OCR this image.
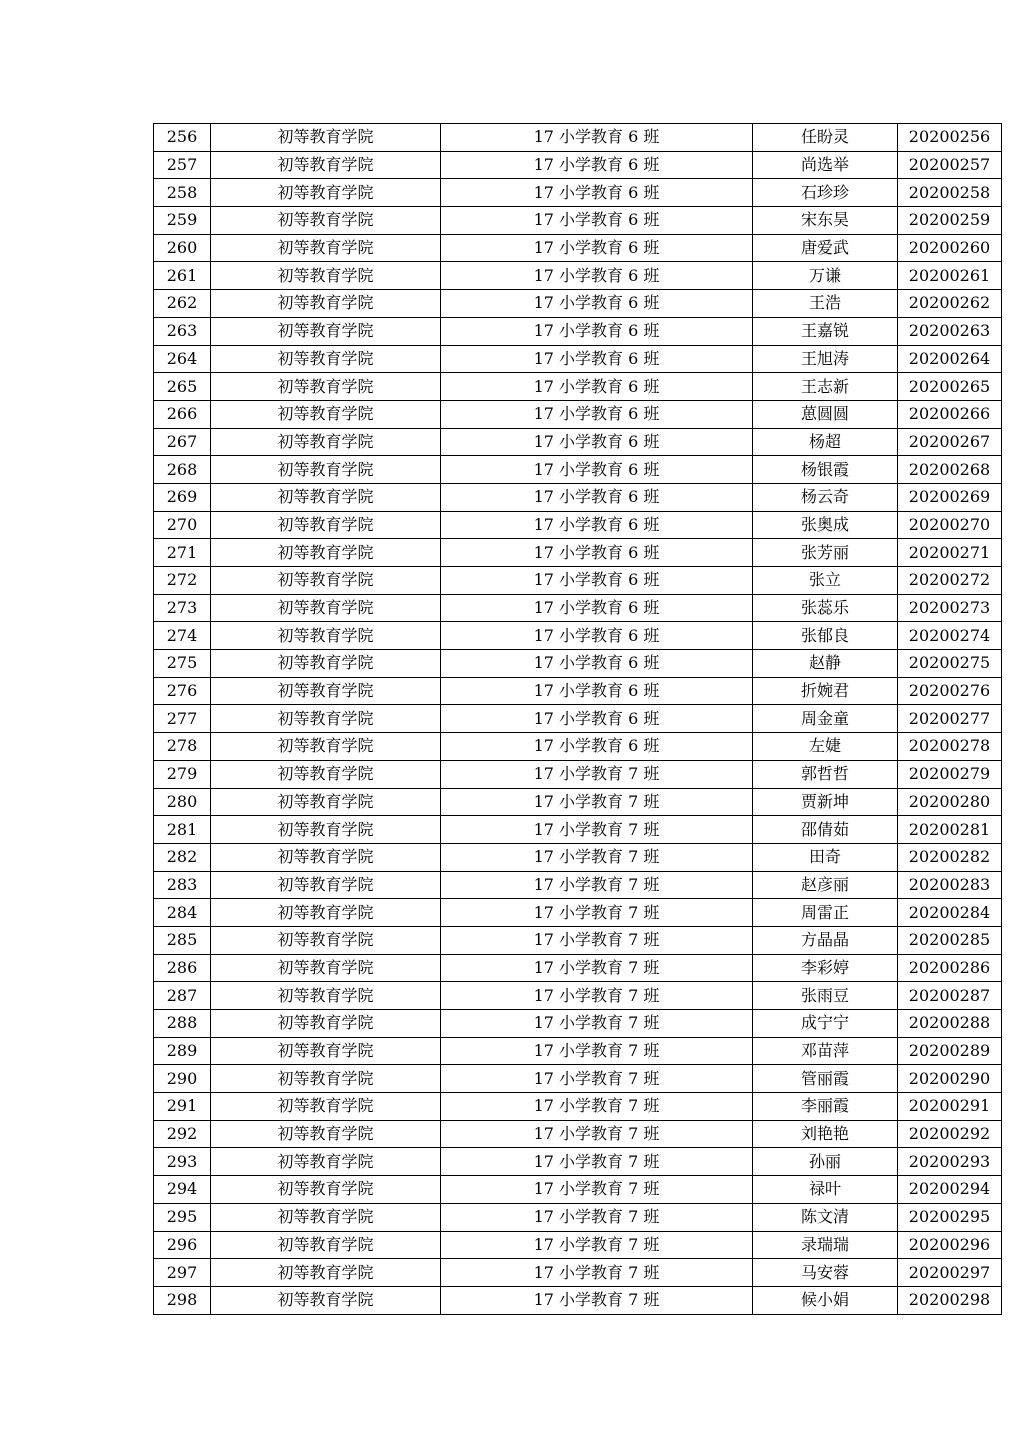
256	初等教育学院	17 小学教育 6 班	任盼灵	20200256
257	初等教育学院	17 小学教育 6 班	尚选举	20200257
258	初等教育学院	17 小学教育 6 班	石珍珍	20200258
259	初等教育学院	17 小学教育 6 班	宋东昊	20200259
260	初等教育学院	17 小学教育 6 班	唐爱武	20200260
261	初等教育学院	17 小学教育 6 班	万谦	20200261
262	初等教育学院	17 小学教育 6 班	王浩	20200262
263	初等教育学院	17 小学教育 6 班	王嘉锐	20200263
264	初等教育学院	17 小学教育 6 班	王旭涛	20200264
265	初等教育学院	17 小学教育 6 班	王志新	20200265
266	初等教育学院	17 小学教育 6 班	葸圆圆	20200266
267	初等教育学院	17 小学教育 6 班	杨超	20200267
268	初等教育学院	17 小学教育 6 班	杨银霞	20200268
269	初等教育学院	17 小学教育 6 班	杨云奇	20200269
270	初等教育学院	17 小学教育 6 班	张奥成	20200270
271	初等教育学院	17 小学教育 6 班	张芳丽	20200271
272	初等教育学院	17 小学教育 6 班	张立	20200272
273	初等教育学院	17 小学教育 6 班	张蕊乐	20200273
274	初等教育学院	17 小学教育 6 班	张郁良	20200274
275	初等教育学院	17 小学教育 6 班	赵静	20200275
276	初等教育学院	17 小学教育 6 班	折婉君	20200276
277	初等教育学院	17 小学教育 6 班	周金童	20200277
278	初等教育学院	17 小学教育 6 班	左婕	20200278
279	初等教育学院	17 小学教育 7 班	郭哲哲	20200279
280	初等教育学院	17 小学教育 7 班	贾新坤	20200280
281	初等教育学院	17 小学教育 7 班	邵倩茹	20200281
282	初等教育学院	17 小学教育 7 班	田奇	20200282
283	初等教育学院	17 小学教育 7 班	赵彦丽	20200283
284	初等教育学院	17 小学教育 7 班	周雷正	20200284
285	初等教育学院	17 小学教育 7 班	方晶晶	20200285
286	初等教育学院	17 小学教育 7 班	李彩婷	20200286
287	初等教育学院	17 小学教育 7 班	张雨豆	20200287
288	初等教育学院	17 小学教育 7 班	成宁宁	20200288
289	初等教育学院	17 小学教育 7 班	邓苗萍	20200289
290	初等教育学院	17 小学教育 7 班	管丽霞	20200290
291	初等教育学院	17 小学教育 7 班	李丽霞	20200291
292	初等教育学院	17 小学教育 7 班	刘艳艳	20200292
293	初等教育学院	17 小学教育 7 班	孙丽	20200293
294	初等教育学院	17 小学教育 7 班	禄叶	20200294
295	初等教育学院	17 小学教育 7 班	陈文清	20200295
296	初等教育学院	17 小学教育 7 班	录瑞瑞	20200296
297	初等教育学院	17 小学教育 7 班	马安蓉	20200297
298	初等教育学院	17 小学教育 7 班	候小娟	20200298
